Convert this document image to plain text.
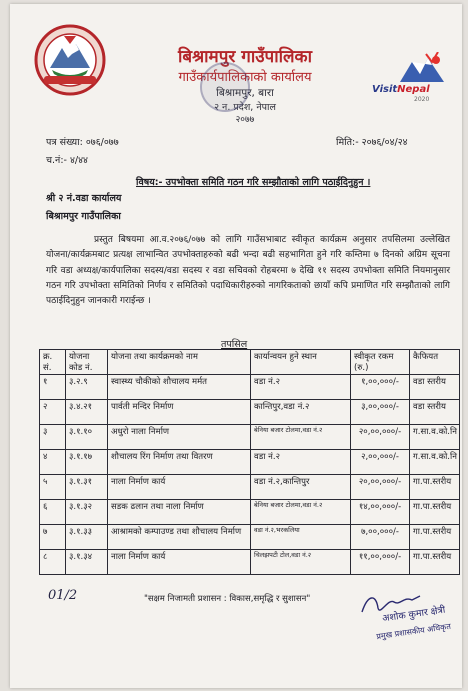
बिश्रामपुर गाउँपालिका
गाउँकार्यपालिकाको कार्यालय
बिश्रामपुर, बारा
२ न. प्रदेश, नेपाल
२०७७
VisitNepal
2020
पत्र संख्या: ०७६/०७७
च.नं:- ४/४४
मिति:- २०७६/०४/२४
विषय:- उपभोक्ता समिति गठन गरि सम्झौताको लागि पठाईदिनुहुन ।
श्री २ नं.वडा कार्यालय
बिश्रामपुर गाउँपालिका
प्रस्तुत बिषयमा आ.व.२०७६/०७७ को लागि गाउँसभाबाट स्वीकृत कार्यक्रम अनुसार तपसिलमा उल्लेखित योजना/कार्यक्रमबाट प्रत्यक्ष लाभान्वित उपभोक्ताहरुको बढी भन्दा बढी सहभागिता हुने गरि कम्तिमा ७ दिनको अग्रिम सूचना गरि वडा अध्यक्ष/कार्यपालिका सदस्य/वडा सदस्य र वडा सचिवको रोहबरमा ७ देखि ११ सदस्य उपभोक्ता समिति नियमानुसार गठन गरि उपभोक्ता समितिको निर्णय र समितिको पदाधिकारीहरुको नागरिकताको छायाँ कपि प्रमाणित गरि सम्झौताको लागि पठाईदिनुहुन जानकारी गराईन्छ ।
तपसिल
क्र. सं.	योजना कोड नं.	योजना तथा कार्यक्रमको नाम	कार्यान्वयन हुने स्थान	स्वीकृत रकम (रु.)	कैफियत
१	३.२.९	स्वास्थ्य चौकीको शौचालय मर्मत	वडा नं.२	१,००,०००/-	वडा स्तरीय
२	३.४.२१	पार्वती मन्दिर निर्माण	कान्तिपुर,वडा नं.२	३,००,०००/-	वडा स्तरीय
३	३.१.१०	अधुरो नाला निर्माण	बेनिया बजार टोलमा,वडा नं.२	२०,००,०००/-	ग.सा.व.को.नि
४	३.१.१७	शौचालय रिंग निर्माण तथा वितरण	वडा नं.२	२,००,०००/-	ग.सा.व.को.नि
५	३.१.३१	नाला निर्माण कार्य	वडा नं.२,कान्तिपुर	२०,००,०००/-	गा.पा.स्तरीय
६	३.१.३२	सडक ढलान तथा नाला निर्माण	बेनिया बजार टोलमा,वडा नं.२	१४,००,०००/-	गा.पा.स्तरीय
७	३.१.३३	आश्रामको कम्पाउण्ड तथा शौचालय निर्माण	वडा नं.२,भरकलिया	७,००,०००/-	गा.पा.स्तरीय
८	३.१.३४	नाला निर्माण कार्य	चिलझपटी टोल,वडा नं.२	११,००,०००/-	गा.पा.स्तरीय
01/2	"सक्षम निजामती प्रशासन : विकास,समृद्धि र सुशासन"
अशोक कुमार क्षेत्री
प्रमुख प्रशासकीय अधिकृत
